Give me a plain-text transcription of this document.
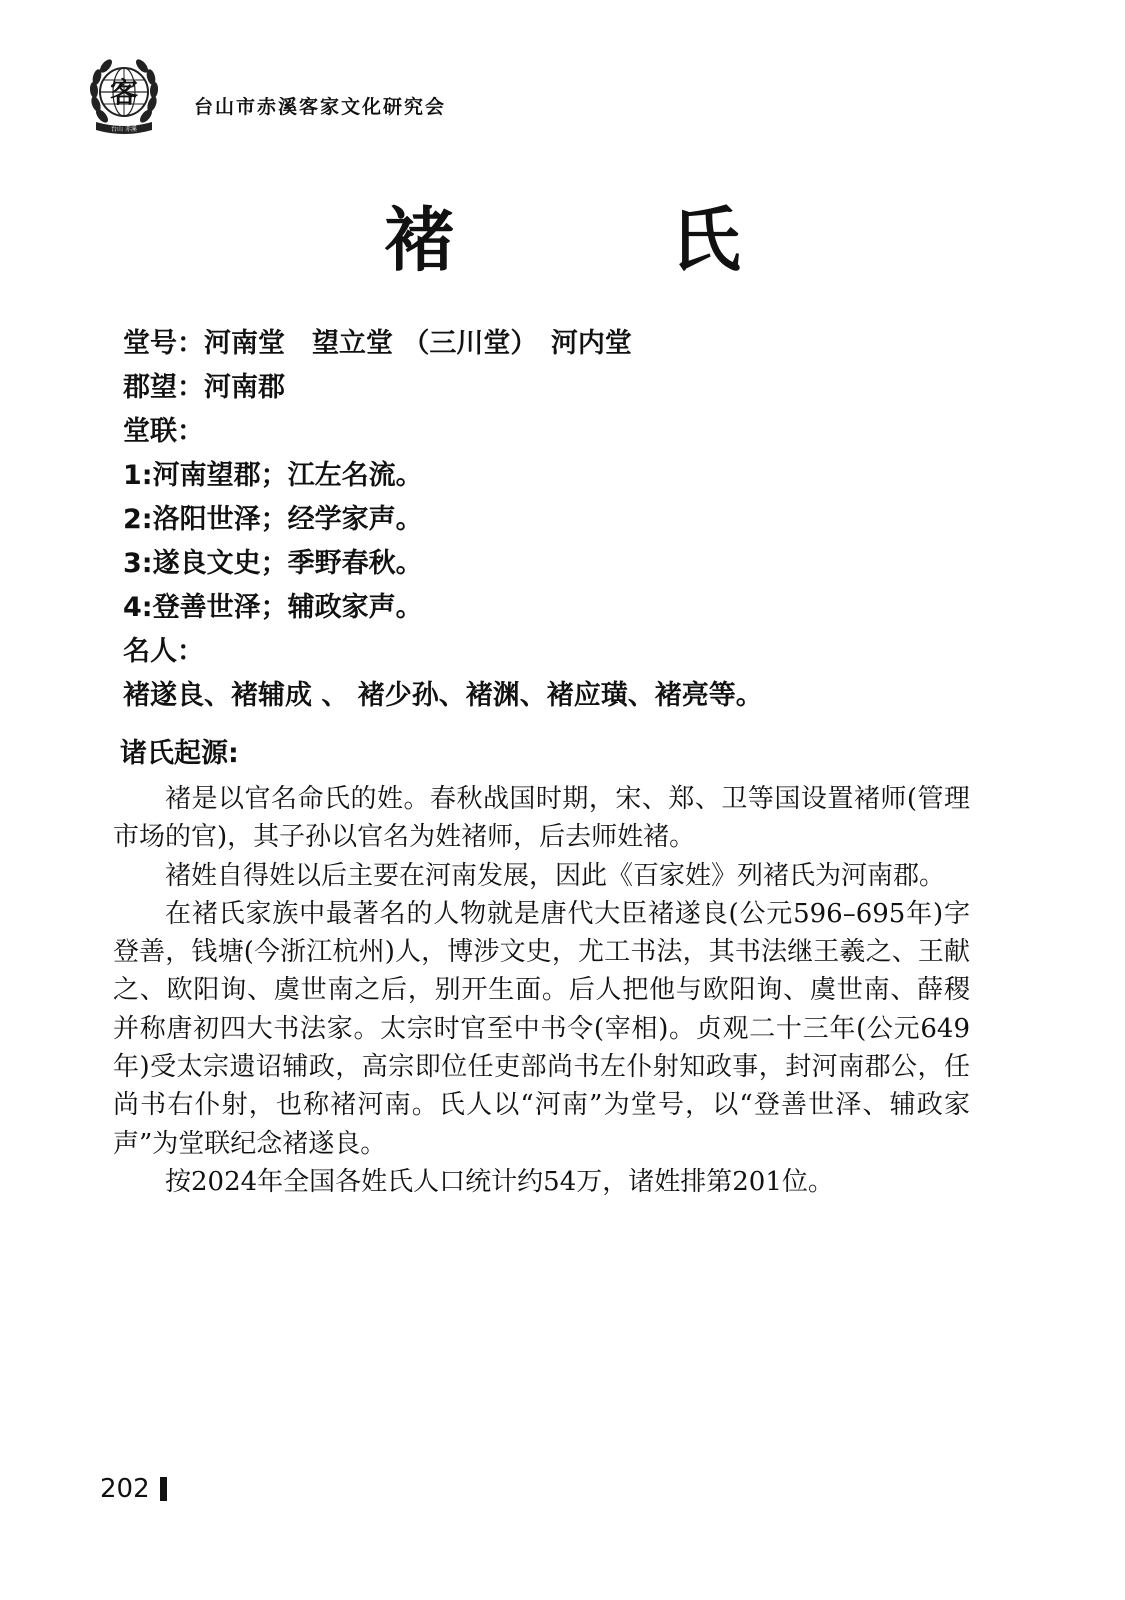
客
台山 赤溪
台山市赤溪客家文化研究会
褚 氏
堂号：河南堂　望立堂 （三川堂）　河内堂
郡望：河南郡
堂联：
1:河南望郡；江左名流。
2:洛阳世泽；经学家声。
3:遂良文史；季野春秋。
4:登善世泽；辅政家声。
名人：
褚遂良、褚辅成 、 褚少孙、褚渊、褚应璜、褚亮等。
诸氏起源:

褚是以官名命氏的姓。春秋战国时期，宋、郑、卫等国设置褚师(管理市场的官)，其子孙以官名为姓褚师，后去师姓褚。

褚姓自得姓以后主要在河南发展，因此《百家姓》列褚氏为河南郡。

在褚氏家族中最著名的人物就是唐代大臣褚遂良(公元596–695年)字登善，钱塘(今浙江杭州)人，博涉文史，尤工书法，其书法继王羲之、王献之、欧阳询、虞世南之后，别开生面。后人把他与欧阳询、虞世南、薛稷并称唐初四大书法家。太宗时官至中书令(宰相)。贞观二十三年(公元649年)受太宗遗诏辅政，高宗即位任吏部尚书左仆射知政事，封河南郡公，任尚书右仆射，也称褚河南。氏人以“河南”为堂号，以“登善世泽、辅政家声”为堂联纪念褚遂良。

按2024年全国各姓氏人口统计约54万，诸姓排第201位。

202
